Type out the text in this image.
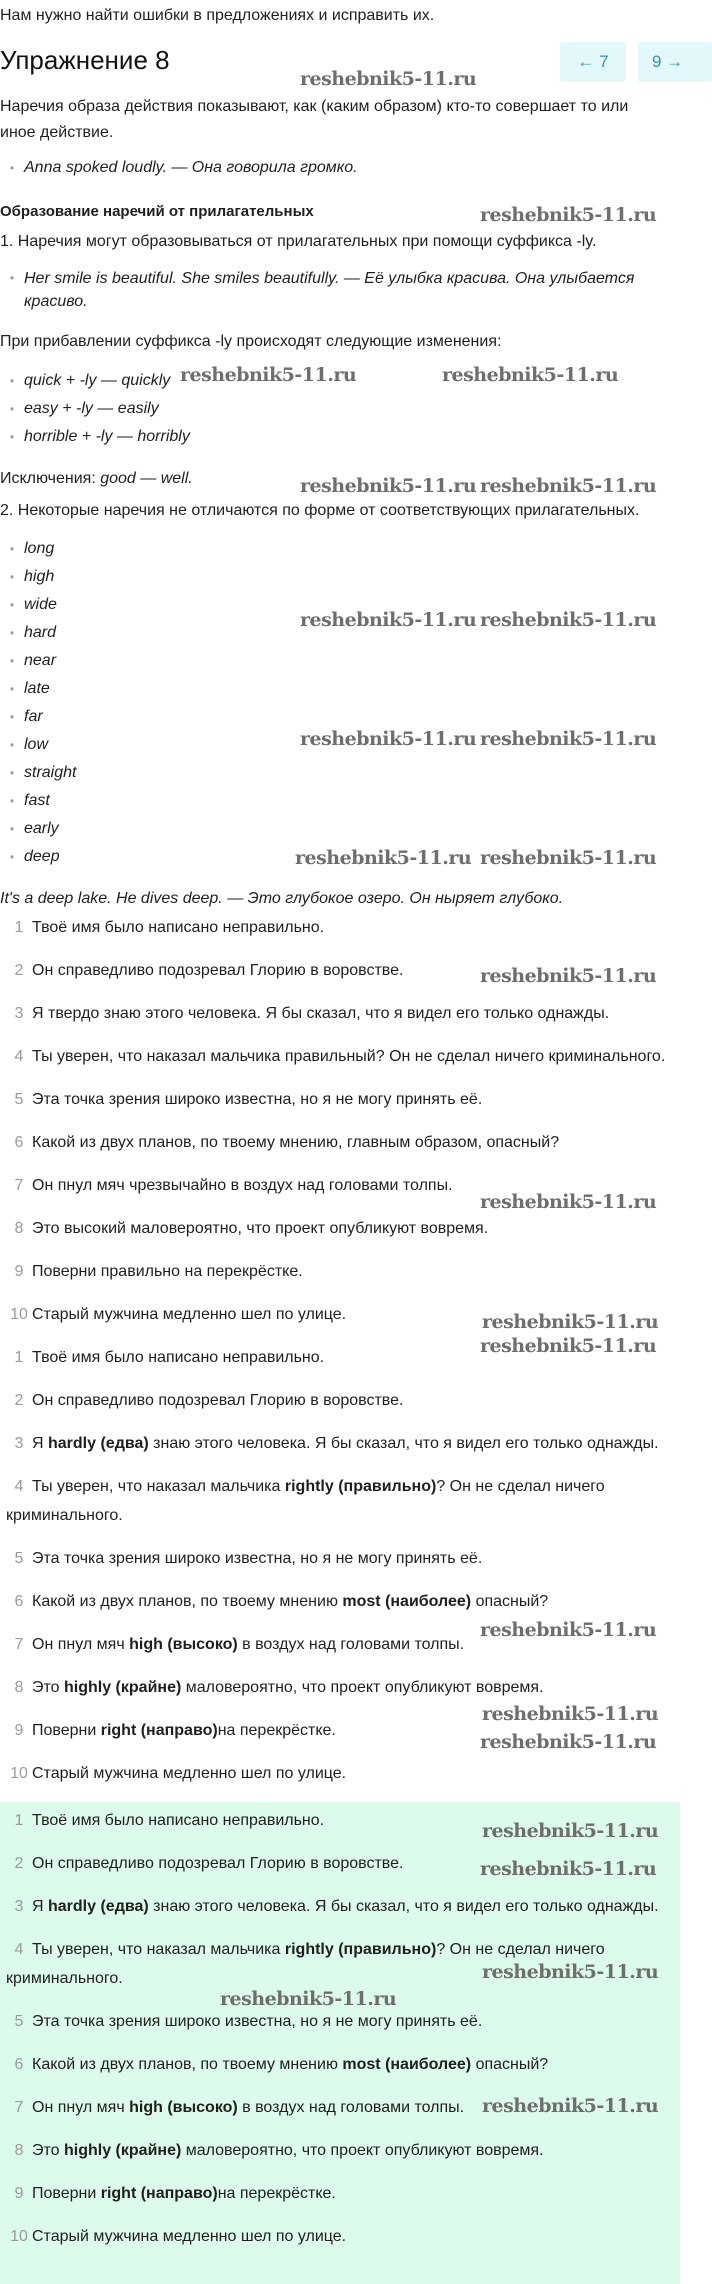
Нам нужно найти ошибки в предложениях и исправить их.

Упражнение 8	← 7	9 →

Наречия образа действия показывают, как (каким образом) кто-то совершает то или иное действие.

• Anna spoked loudly. — Она говорила громко.

Образование наречий от прилагательных

1. Наречия могут образовываться от прилагательных при помощи суффикса -ly.

• Her smile is beautiful. She smiles beautifully. — Её улыбка красива. Она улыбается красиво.

При прибавлении суффикса -ly происходят следующие изменения:

• quick + -ly — quickly
• easy + -ly — easily
• horrible + -ly — horribly

Исключения: good — well.

2. Некоторые наречия не отличаются по форме от соответствующих прилагательных.

• long
• high
• wide
• hard
• near
• late
• far
• low
• straight
• fast
• early
• deep

It's a deep lake. He dives deep. — Это глубокое озеро. Он ныряет глубоко.

1 Твоё имя было написано неправильно.
2 Он справедливо подозревал Глорию в воровстве.
3 Я твердо знаю этого человека. Я бы сказал, что я видел его только однажды.
4 Ты уверен, что наказал мальчика правильный? Он не сделал ничего криминального.
5 Эта точка зрения широко известна, но я не могу принять её.
6 Какой из двух планов, по твоему мнению, главным образом, опасный?
7 Он пнул мяч чрезвычайно в воздух над головами толпы.
8 Это высокий маловероятно, что проект опубликуют вовремя.
9 Поверни правильно на перекрёстке.
10 Старый мужчина медленно шел по улице.
1 Твоё имя было написано неправильно.
2 Он справедливо подозревал Глорию в воровстве.
3 Я hardly (едва) знаю этого человека. Я бы сказал, что я видел его только однажды.
4 Ты уверен, что наказал мальчика rightly (правильно)? Он не сделал ничего криминального.
5 Эта точка зрения широко известна, но я не могу принять её.
6 Какой из двух планов, по твоему мнению most (наиболее) опасный?
7 Он пнул мяч high (высоко) в воздух над головами толпы.
8 Это highly (крайне) маловероятно, что проект опубликуют вовремя.
9 Поверни right (направо)на перекрёстке.
10 Старый мужчина медленно шел по улице.
1 Твоё имя было написано неправильно.
2 Он справедливо подозревал Глорию в воровстве.
3 Я hardly (едва) знаю этого человека. Я бы сказал, что я видел его только однажды.
4 Ты уверен, что наказал мальчика rightly (правильно)? Он не сделал ничего криминального.
5 Эта точка зрения широко известна, но я не могу принять её.
6 Какой из двух планов, по твоему мнению most (наиболее) опасный?
7 Он пнул мяч high (высоко) в воздух над головами толпы.
8 Это highly (крайне) маловероятно, что проект опубликуют вовремя.
9 Поверни right (направо)на перекрёстке.
10 Старый мужчина медленно шел по улице.
reshebnik5-11.ru
reshebnik5-11.ru
reshebnik5-11.ru	reshebnik5-11.ru
reshebnik5-11.ru
reshebnik5-11.ru
reshebnik5-11.ru
reshebnik5-11.ru
reshebnik5-11.ru
reshebnik5-11.ru
reshebnik5-11.ru
reshebnik5-11.ru
reshebnik5-11.ru
reshebnik5-11.ru
reshebnik5-11.ru
reshebnik5-11.ru
reshebnik5-11.ru
reshebnik5-11.ru
reshebnik5-11.ru
reshebnik5-11.ru
reshebnik5-11.ru
reshebnik5-11.ru
reshebnik5-11.ru
reshebnik5-11.ru
